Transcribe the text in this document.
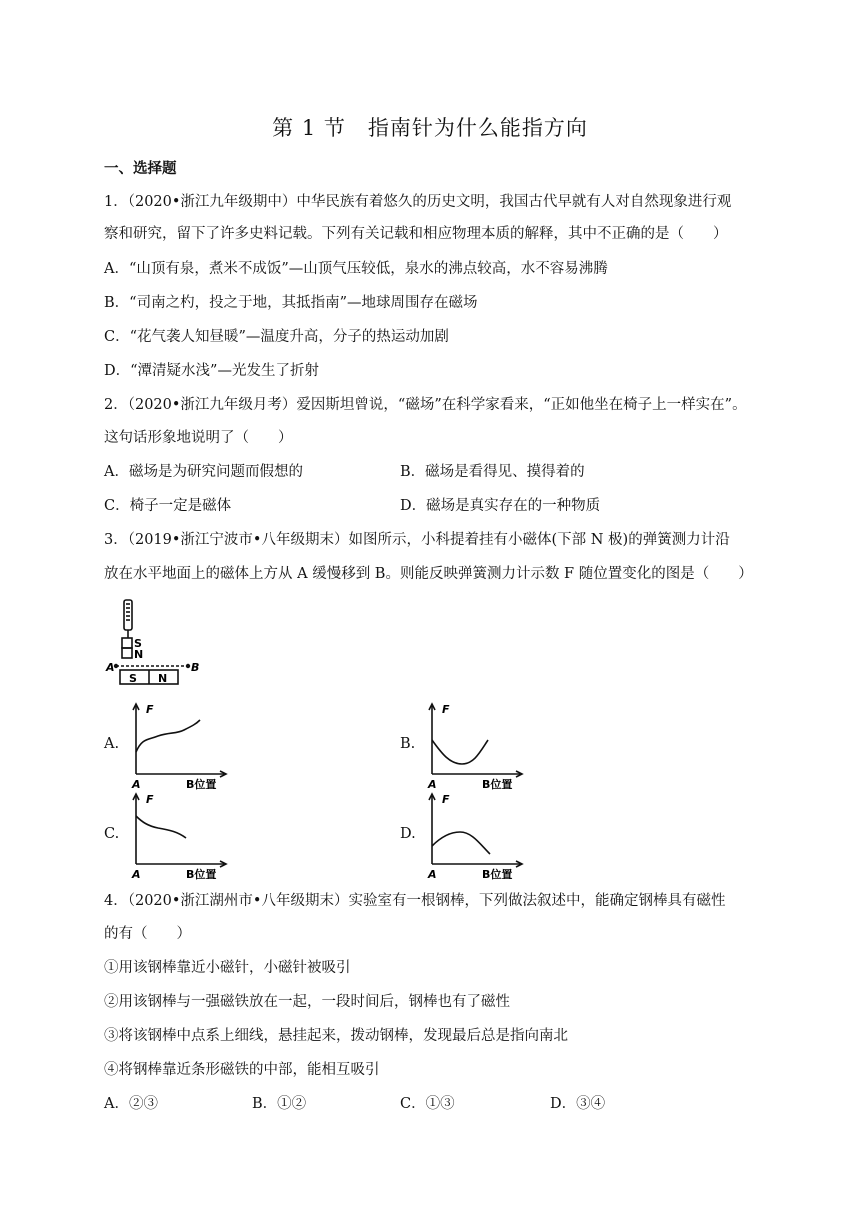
第 1 节　指南针为什么能指方向
一、选择题
1．（2020•浙江九年级期中）中华民族有着悠久的历史文明，我国古代早就有人对自然现象进行观
察和研究，留下了许多史料记载。下列有关记载和相应物理本质的解释，其中不正确的是（　　）
A．“山顶有泉，煮米不成饭”—山顶气压较低，泉水的沸点较高，水不容易沸腾
B．“司南之杓，投之于地，其抵指南”—地球周围存在磁场
C．“花气袭人知昼暖”—温度升高，分子的热运动加剧
D．“潭清疑水浅”—光发生了折射
2．（2020•浙江九年级月考）爱因斯坦曾说，“磁场”在科学家看来，“正如他坐在椅子上一样实在”。
这句话形象地说明了（　　）
A．磁场是为研究问题而假想的	B．磁场是看得见、摸得着的
C．椅子一定是磁体	D．磁场是真实存在的一种物质
3．（2019•浙江宁波市•八年级期末）如图所示，小科提着挂有小磁体(下部 N 极)的弹簧测力计沿
放在水平地面上的磁体上方从 A 缓慢移到 B。则能反映弹簧测力计示数 F 随位置变化的图是（　　）
S
N
A	B
S N
A.	B.
C.	D.
F
A	B位置
F
A	B位置
F
A	B位置
F
A	B位置
4．（2020•浙江湖州市•八年级期末）实验室有一根钢棒，下列做法叙述中，能确定钢棒具有磁性
的有（　　）
①用该钢棒靠近小磁针，小磁针被吸引
②用该钢棒与一强磁铁放在一起，一段时间后，钢棒也有了磁性
③将该钢棒中点系上细线，悬挂起来，拨动钢棒，发现最后总是指向南北
④将钢棒靠近条形磁铁的中部，能相互吸引
A．②③	B．①②	C．①③	D．③④
